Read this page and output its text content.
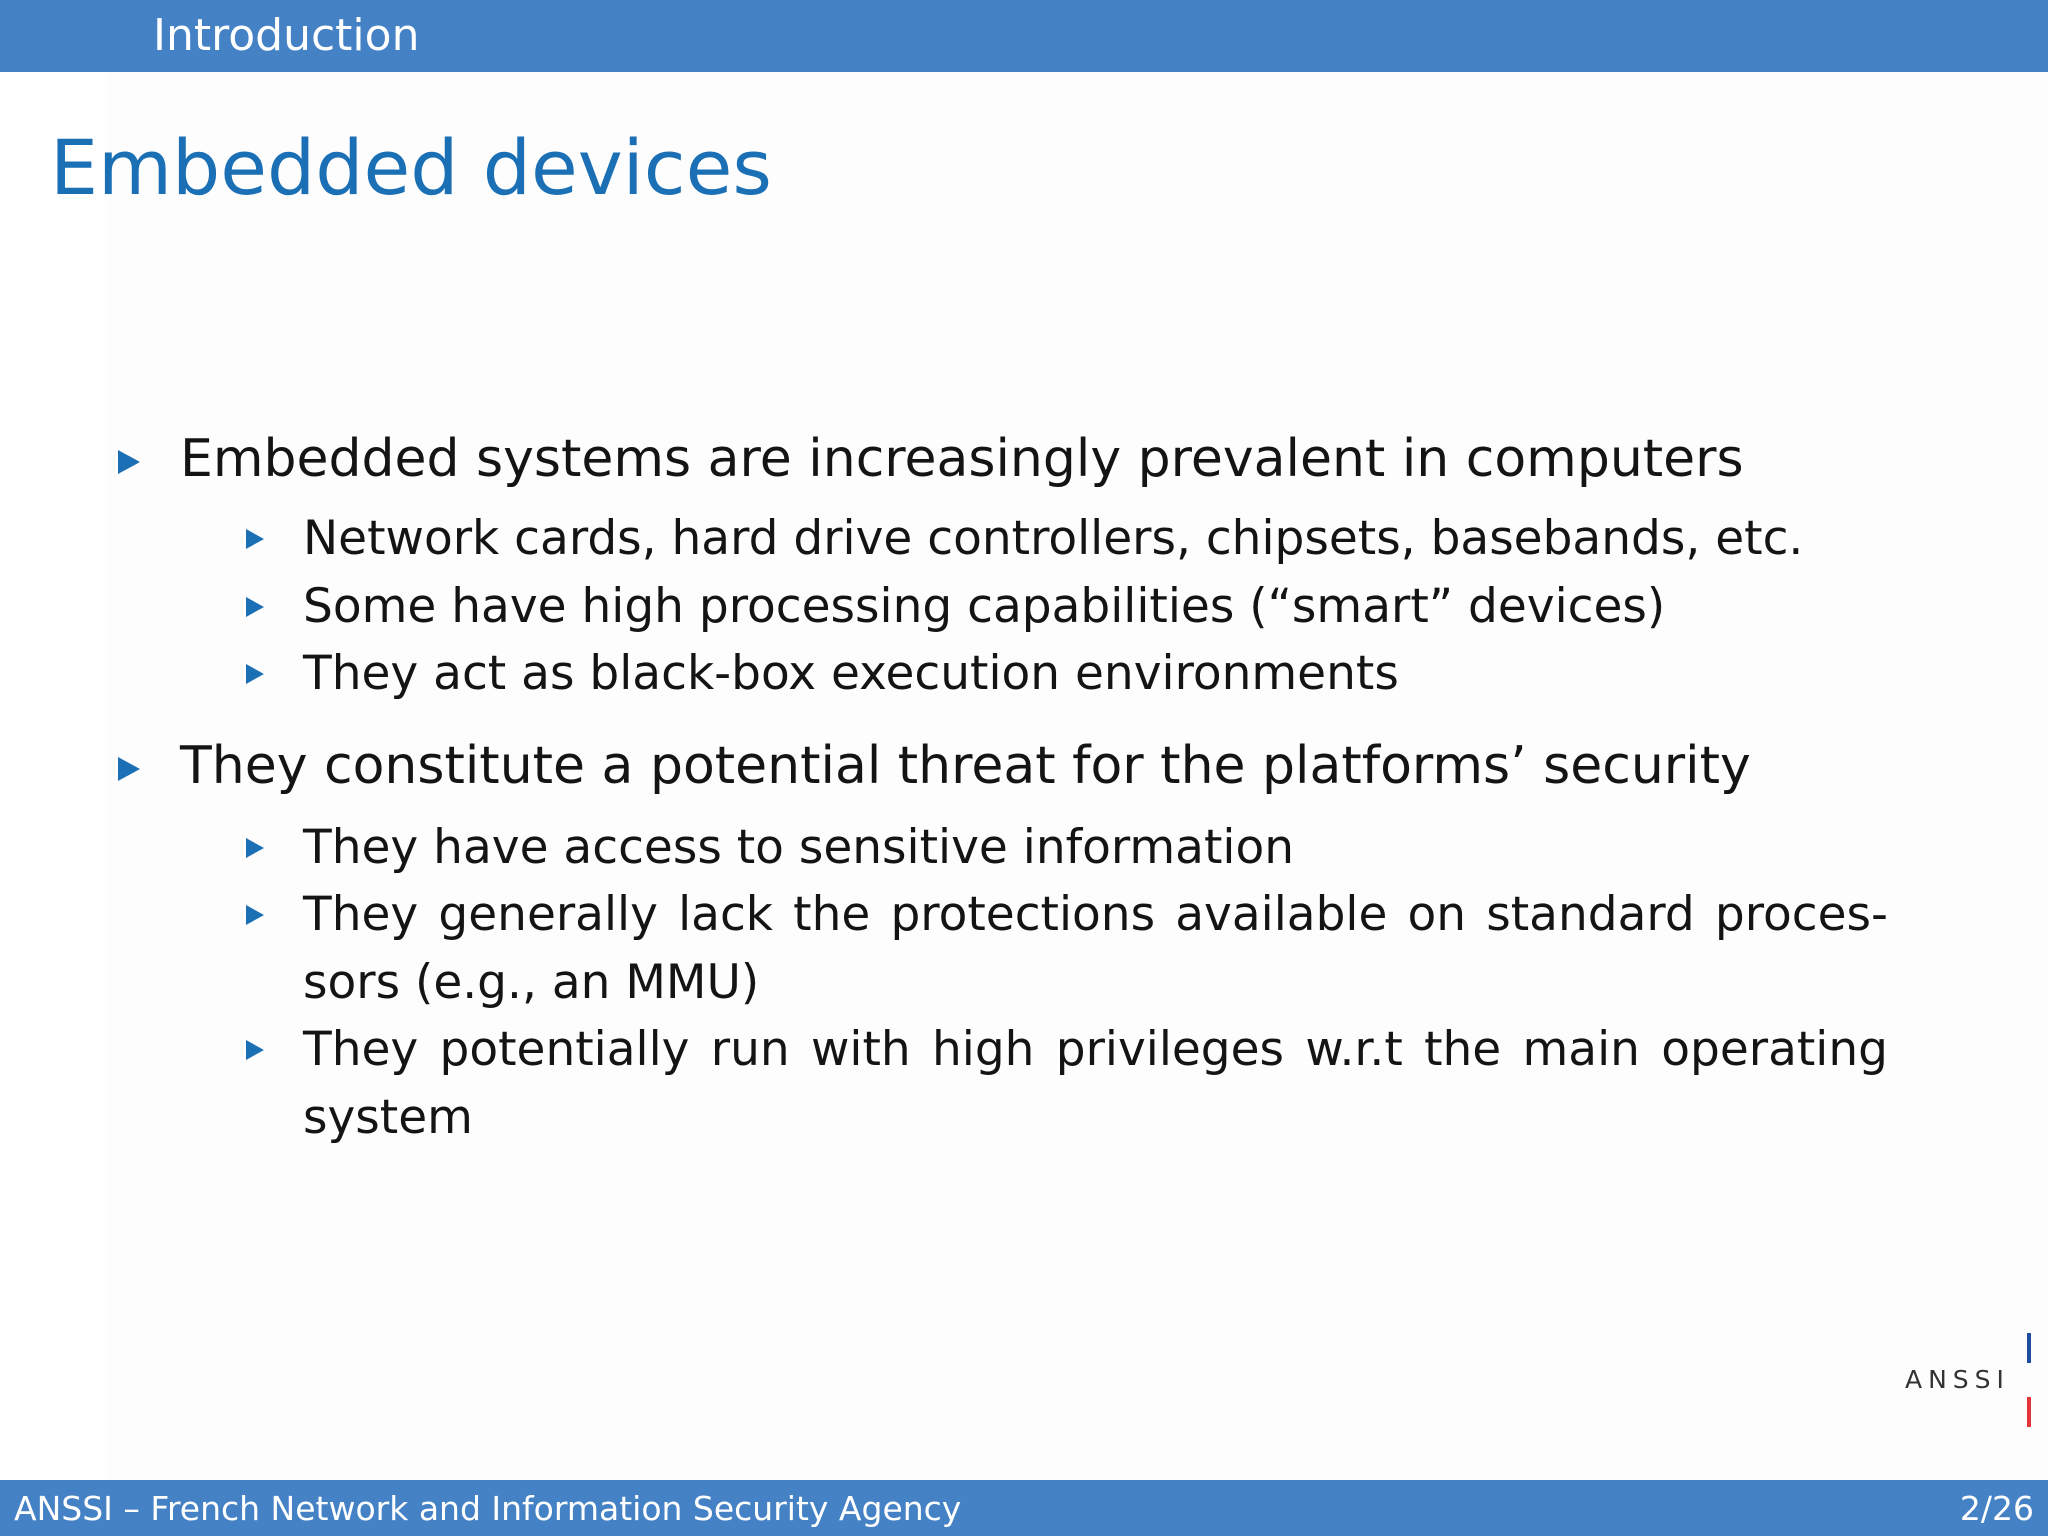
Introduction
Embedded devices
Embedded systems are increasingly prevalent in computers
Network cards, hard drive controllers, chipsets, basebands, etc.
Some have high processing capabilities (“smart” devices)
They act as black-box execution environments
They constitute a potential threat for the platforms’ security
They have access to sensitive information
They generally lack the protections available on standard proces-sors (e.g., an MMU)
They potentially run with high privileges w.r.t the main operating system
ANSSI
ANSSI – French Network and Information Security Agency	2/26
